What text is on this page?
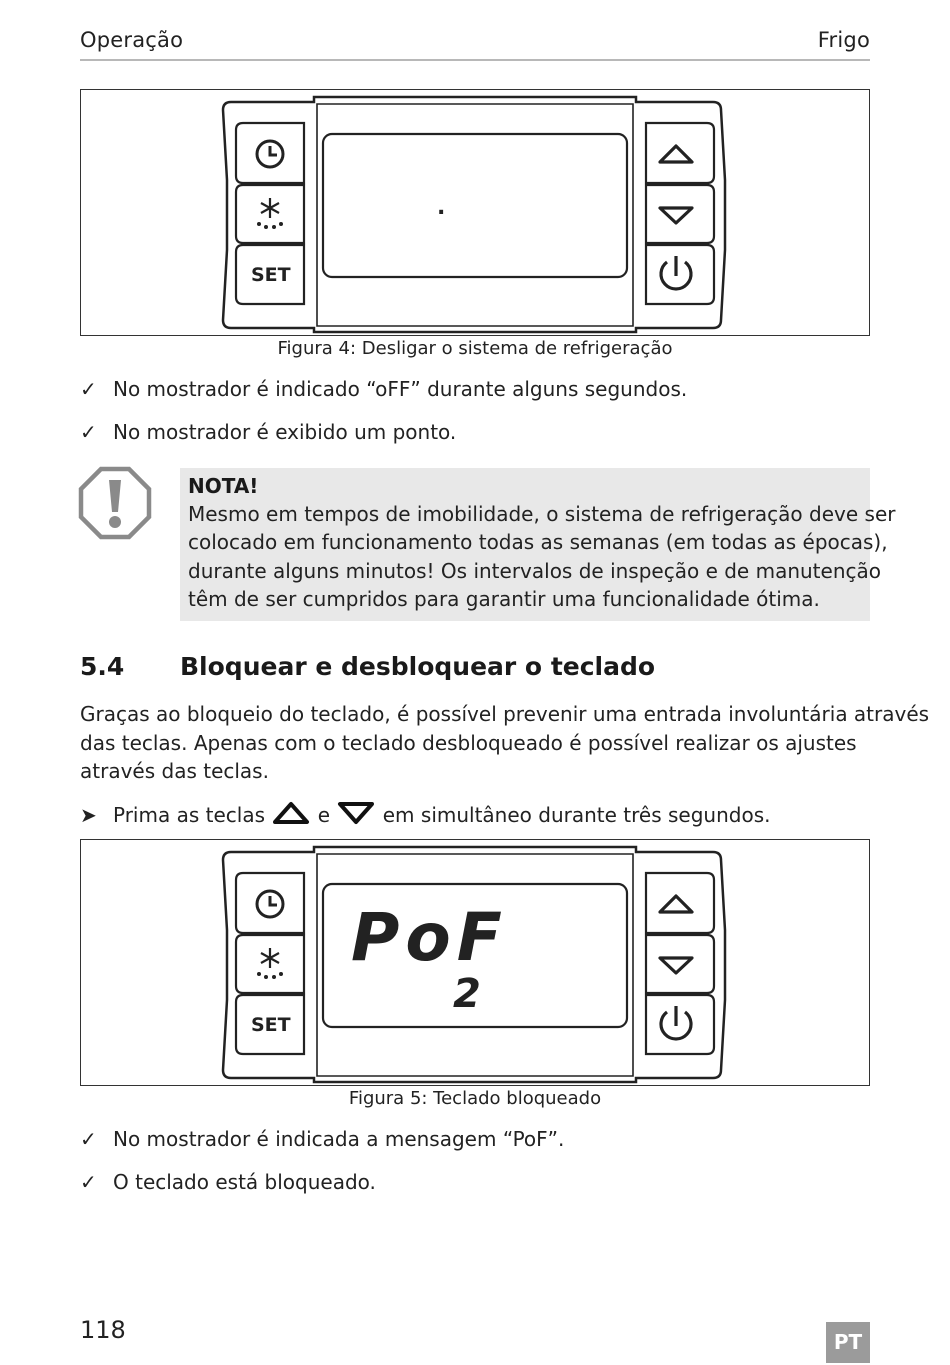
Operação	Frigo
.
SET
Figura 4: Desligar o sistema de refrigeração
✓ No mostrador é indicado “oFF” durante alguns segundos.
✓ No mostrador é exibido um ponto.
NOTA!
Mesmo em tempos de imobilidade, o sistema de refrigeração deve ser
colocado em funcionamento todas as semanas (em todas as épocas),
durante alguns minutos! Os intervalos de inspeção e de manutenção
têm de ser cumpridos para garantir uma funcionalidade ótima.
5.4 Bloquear e desbloquear o teclado
Graças ao bloqueio do teclado, é possível prevenir uma entrada involuntária através
das teclas. Apenas com o teclado desbloqueado é possível realizar os ajustes
através das teclas.
➤ Prima as teclas	e	em simultâneo durante três segundos.
PoF
2
SET
Figura 5: Teclado bloqueado
✓ No mostrador é indicada a mensagem “PoF”.
✓ O teclado está bloqueado.
118	PT
